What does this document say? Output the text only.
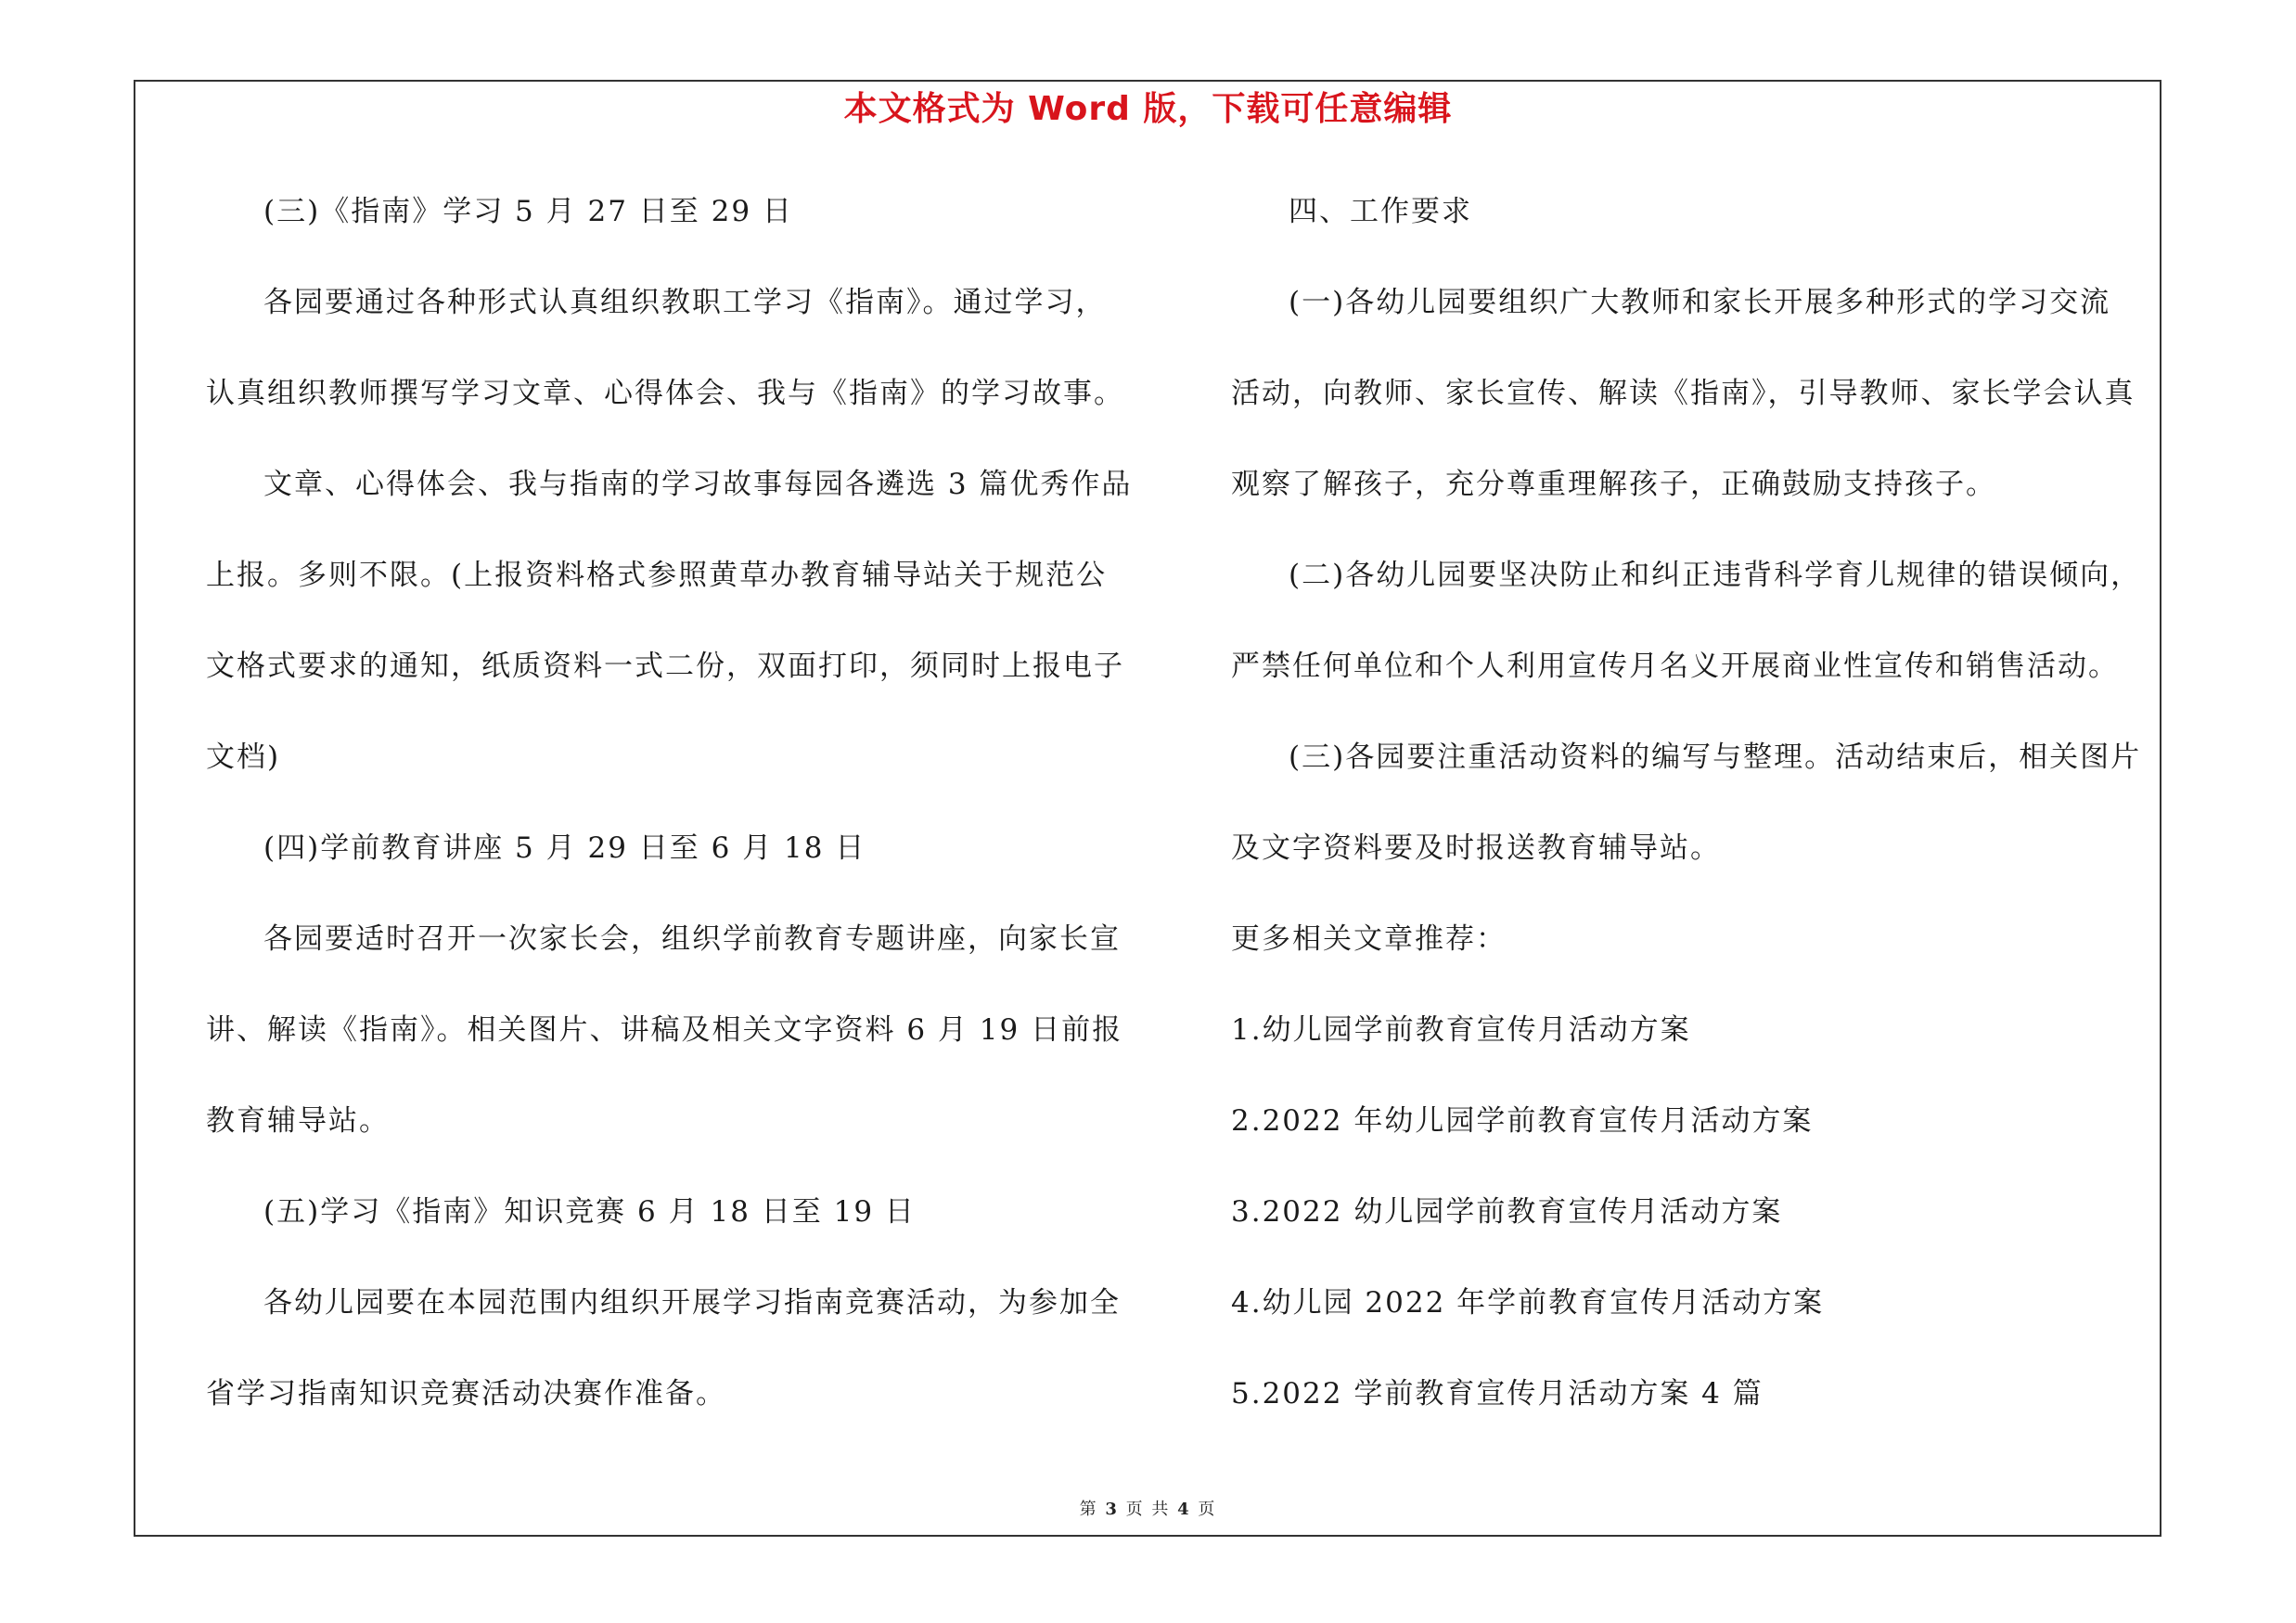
本文格式为 Word 版，下载可任意编辑
(三)《指南》学习 5 月 27 日至 29 日
各园要通过各种形式认真组织教职工学习《指南》。通过学习，
认真组织教师撰写学习文章、心得体会、我与《指南》的学习故事。
文章、心得体会、我与指南的学习故事每园各遴选 3 篇优秀作品
上报。多则不限。(上报资料格式参照黄草办教育辅导站关于规范公
文格式要求的通知，纸质资料一式二份，双面打印，须同时上报电子
文档)
(四)学前教育讲座 5 月 29 日至 6 月 18 日
各园要适时召开一次家长会，组织学前教育专题讲座，向家长宣
讲、解读《指南》。相关图片、讲稿及相关文字资料 6 月 19 日前报
教育辅导站。
(五)学习《指南》知识竞赛 6 月 18 日至 19 日
各幼儿园要在本园范围内组织开展学习指南竞赛活动，为参加全
省学习指南知识竞赛活动决赛作准备。
四、工作要求
(一)各幼儿园要组织广大教师和家长开展多种形式的学习交流
活动，向教师、家长宣传、解读《指南》，引导教师、家长学会认真
观察了解孩子，充分尊重理解孩子，正确鼓励支持孩子。
(二)各幼儿园要坚决防止和纠正违背科学育儿规律的错误倾向，
严禁任何单位和个人利用宣传月名义开展商业性宣传和销售活动。
(三)各园要注重活动资料的编写与整理。活动结束后，相关图片
及文字资料要及时报送教育辅导站。
更多相关文章推荐：
1.幼儿园学前教育宣传月活动方案
2.2022 年幼儿园学前教育宣传月活动方案
3.2022 幼儿园学前教育宣传月活动方案
4.幼儿园 2022 年学前教育宣传月活动方案
5.2022 学前教育宣传月活动方案 4 篇
第 3 页 共 4 页
